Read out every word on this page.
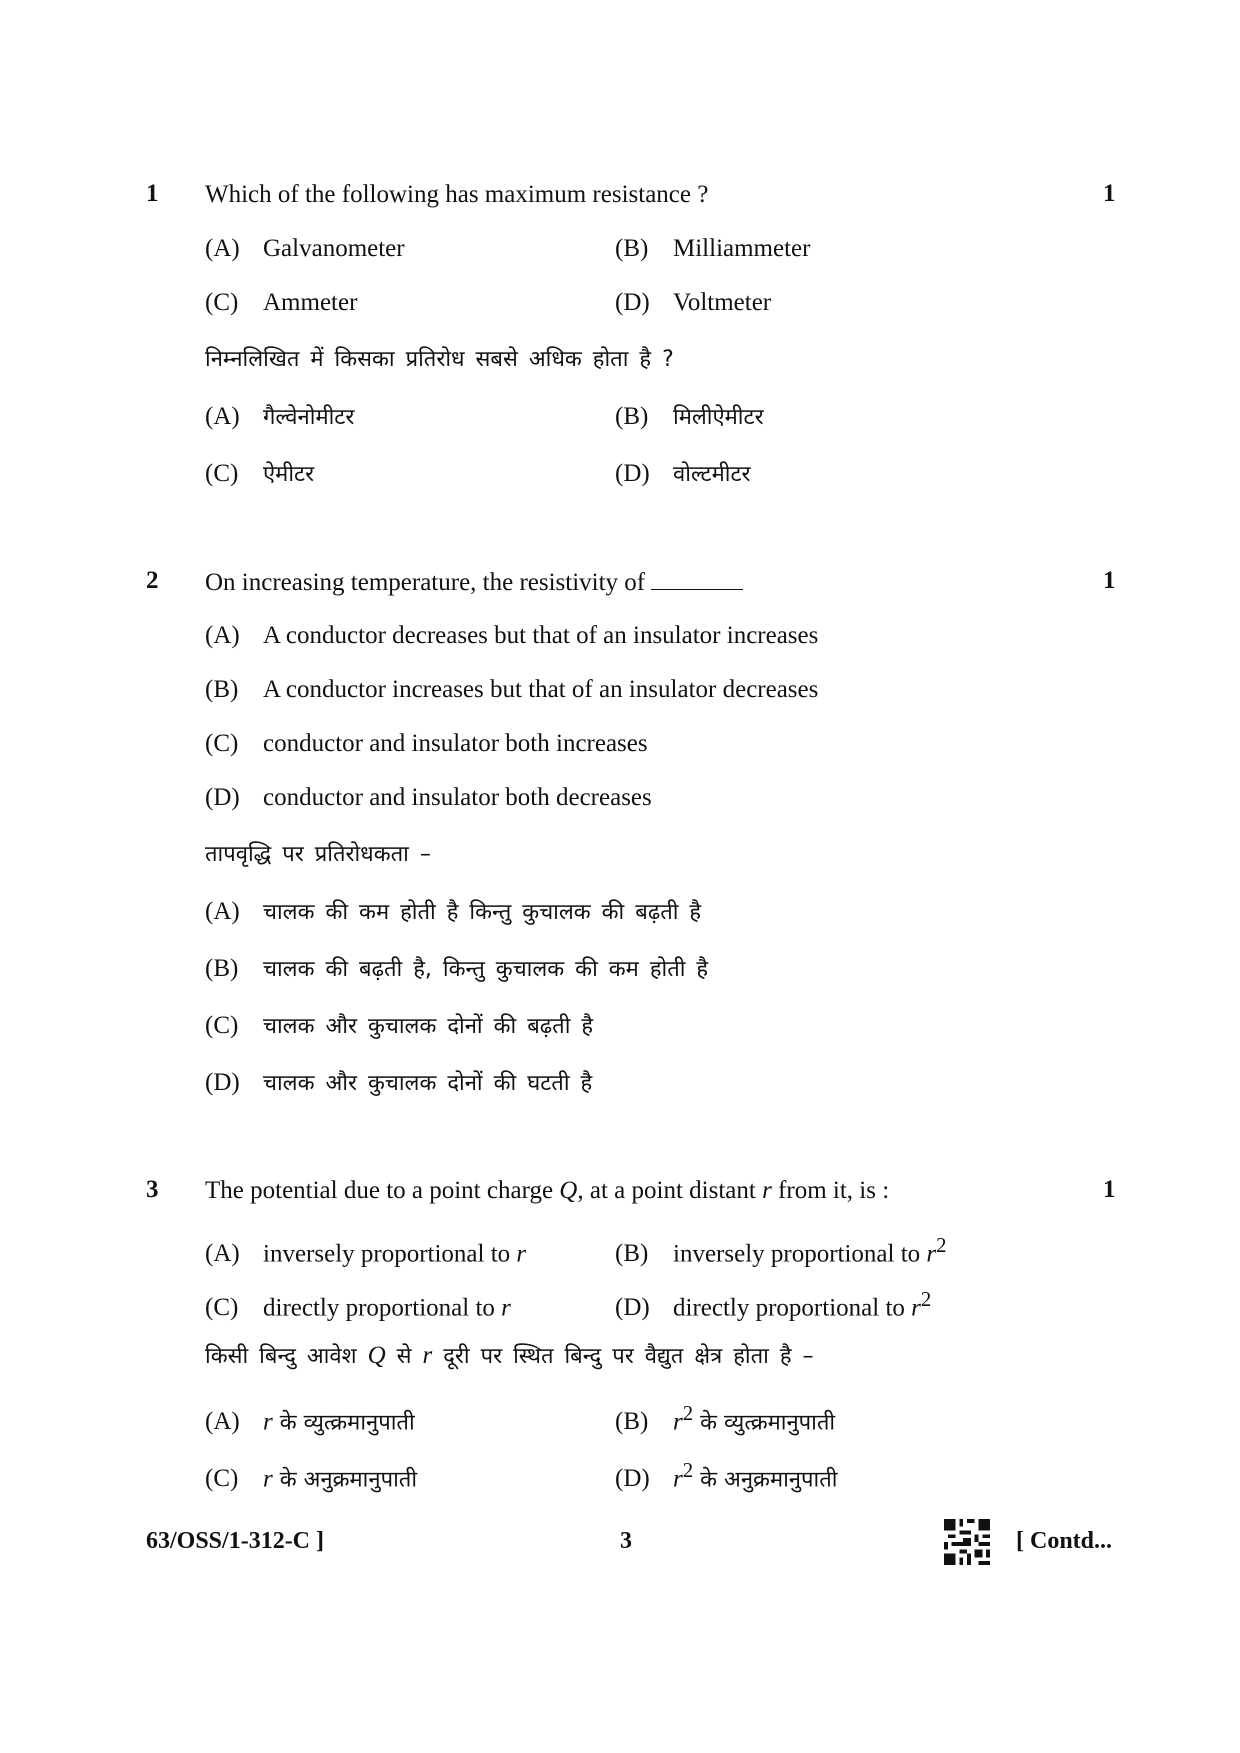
1 Which of the following has maximum resistance ?	1
(A) Galvanometer	(B) Milliammeter
(C) Ammeter	(D) Voltmeter
निम्नलिखित में किसका प्रतिरोध सबसे अधिक होता है ?
(A) गैल्वेनोमीटर	(B) मिलीऐमीटर
(C) ऐमीटर	(D) वोल्टमीटर
2 On increasing temperature, the resistivity of	1
(A) A conductor decreases but that of an insulator increases
(B) A conductor increases but that of an insulator decreases
(C) conductor and insulator both increases
(D) conductor and insulator both decreases
तापवृद्धि पर प्रतिरोधकता –
(A) चालक की कम होती है किन्तु कुचालक की बढ़ती है
(B) चालक की बढ़ती है, किन्तु कुचालक की कम होती है
(C) चालक और कुचालक दोनों की बढ़ती है
(D) चालक और कुचालक दोनों की घटती है
3 The potential due to a point charge Q, at a point distant r from it, is :	1
(A) inversely proportional to r	(B) inversely proportional to $r^2$
(C) directly proportional to r	(D) directly proportional to $r^2$
किसी बिन्दु आवेश Q से r दूरी पर स्थित बिन्दु पर वैद्युत क्षेत्र होता है –
(A) r के व्युत्क्रमानुपाती	(B) $r^2$ के व्युत्क्रमानुपाती
(C) r के अनुक्रमानुपाती	(D) $r^2$ के अनुक्रमानुपाती
63/OSS/1-312-C ]	3	[ Contd...
